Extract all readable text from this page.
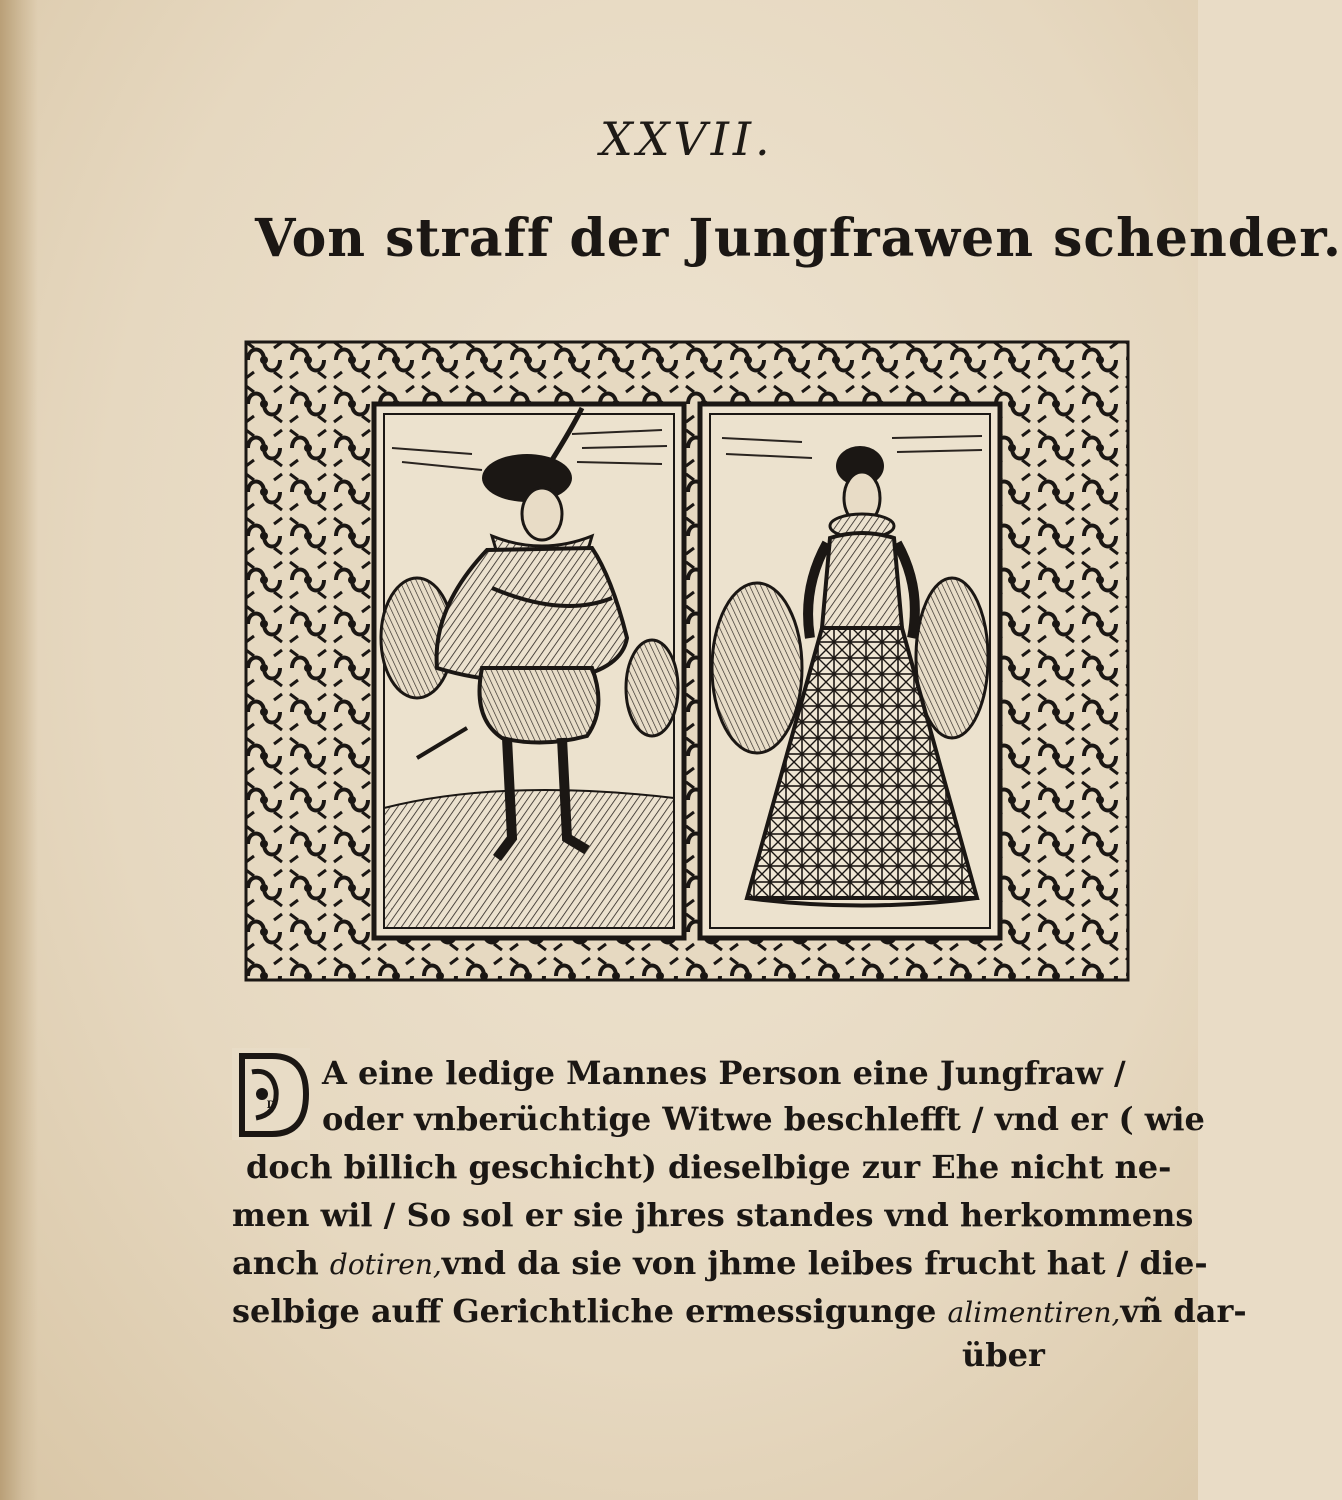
XXVII.
Von straff der Jungfrawen schender.
D
A eine ledige Mannes Person eine Jungfraw /
oder vnberüchtige Witwe beschlefft / vnd er ( wie
doch billich geschicht) dieselbige zur Ehe nicht ne-
men wil / So sol er sie jhres standes vnd herkommens
anch dotiren,vnd da sie von jhme leibes frucht hat / die-
selbige auff Gerichtliche ermessigunge alimentiren,vñ dar-
über
